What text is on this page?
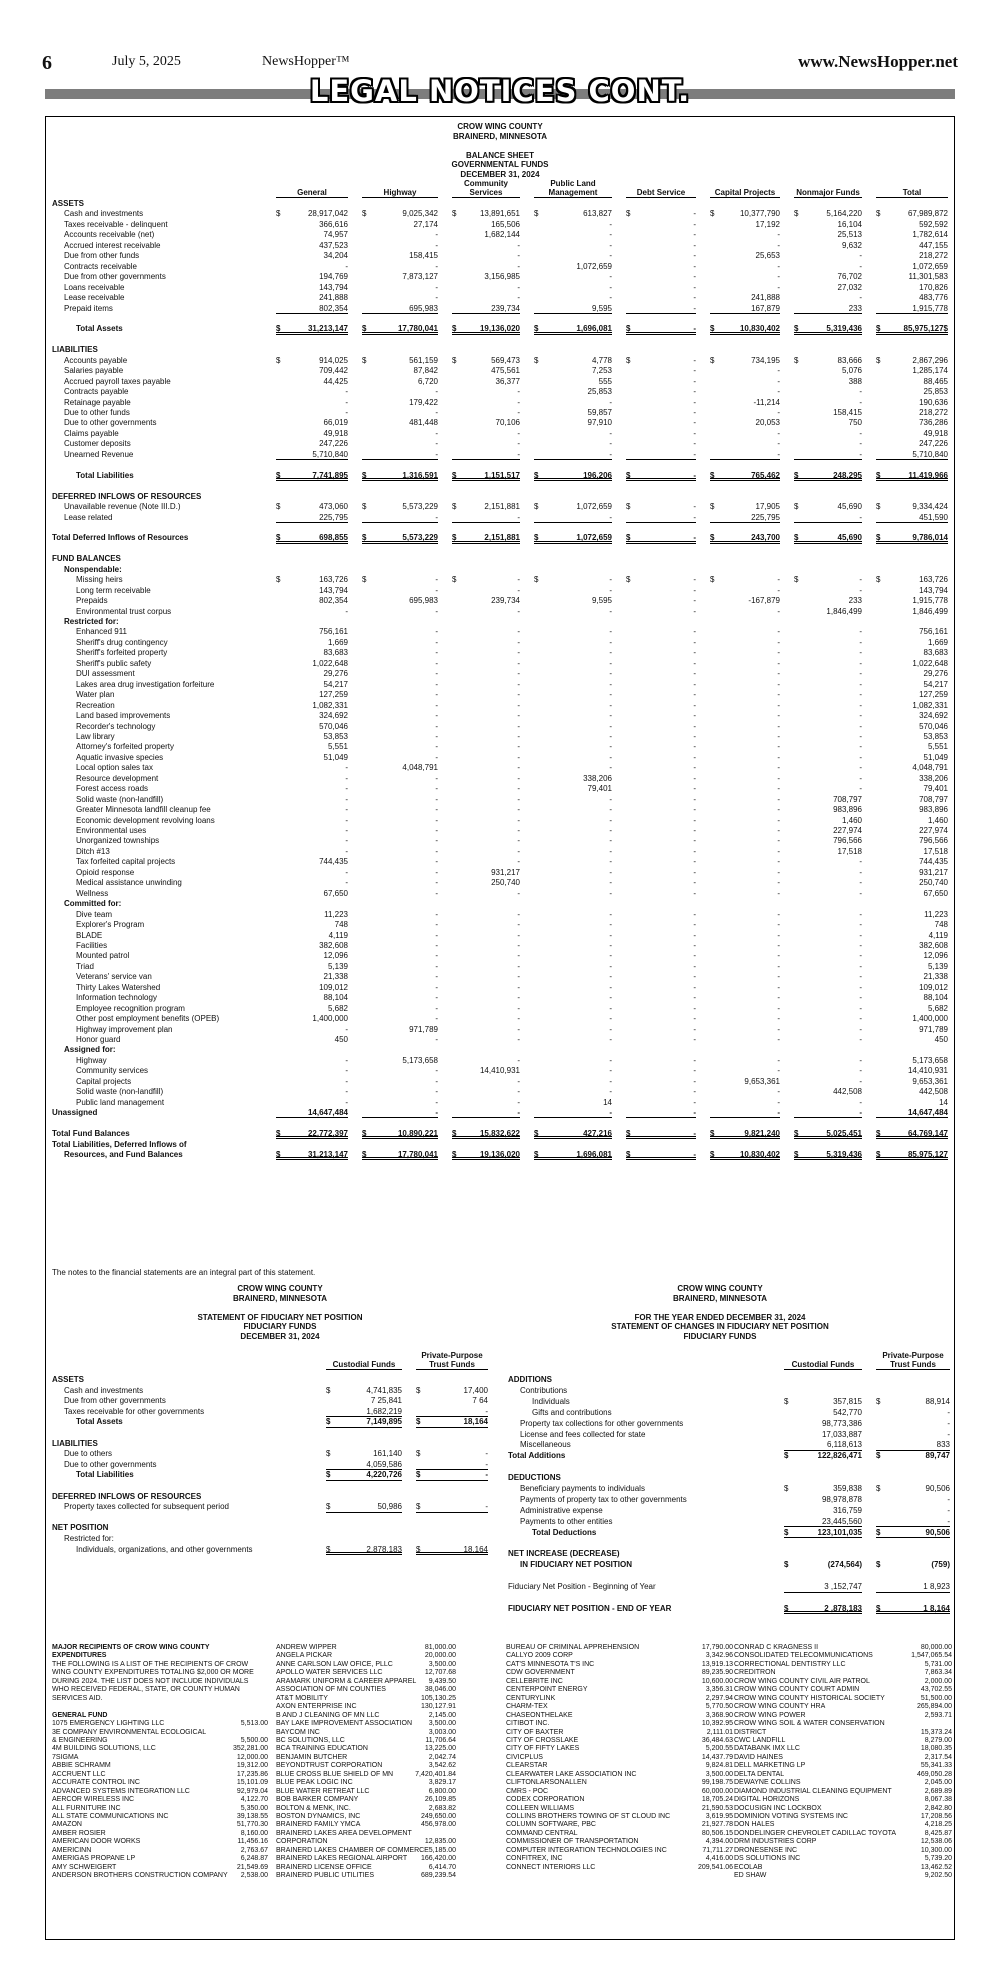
6	July 5, 2025	NewsHopper™	www.NewsHopper.net
LEGAL NOTICES CONT.
CROW WING COUNTY
BRAINERD, MINNESOTA

BALANCE SHEET
GOVERNMENTAL FUNDS
DECEMBER 31, 2024
General	Highway
Community Services
Public Land Management	Debt Service	Capital Projects	Nonmajor Funds	Total
ASSETS
Cash and investments	$	28,917,042 $	9,025,342 $	13,891,651 $	613,827 $	- $	10,377,790 $	5,164,220 $	67,989,872
Taxes receivable - delinquent	366,616	27,174	165,506	-	-	17,192	16,104	592,592
Accounts receivable (net)	74,957	-	1,682,144	-	-	-	25,513	1,782,614
Accrued interest receivable	437,523	-	-	-	-	-	9,632	447,155
Due from other funds	34,204	158,415	-	-	-	25,653	-	218,272
Contracts receivable	-	-	-	1,072,659	-	-	-	1,072,659
Due from other governments	194,769	7,873,127	3,156,985	-	-	-	76,702	11,301,583
Loans receivable	143,794	-	-	-	-	-	27,032	170,826
Lease receivable	241,888	-	-	-	-	241,888	-	483,776
Prepaid items	802,354	695,983	239,734	9,595	-	167,879	233	1,915,778
Total Assets	$	31,213,147 $	17,780,041 $	19,136,020 $	1,696,081 $	- $	10,830,402 $	5,319,436 $	85,975,127$
LIABILITIES
Accounts payable	$	914,025 $	561,159 $	569,473 $	4,778 $	- $	734,195 $	83,666 $	2,867,296
Salaries payable	709,442	87,842	475,561	7,253	-	-	5,076	1,285,174
Accrued payroll taxes payable	44,425	6,720	36,377	555	-	-	388	88,465
Contracts payable	-	-	-	25,853	-	-	-	25,853
Retainage payable	-	179,422	-	-	-	-11,214	-	190,636
Due to other funds	-	-	-	59,857	-	-	158,415	218,272
Due to other governments	66,019	481,448	70,106	97,910	-	20,053	750	736,286
Claims payable	49,918	-	-	-	-	-	-	49,918
Customer deposits	247,226	-	-	-	-	-	-	247,226
Unearned Revenue	5,710,840	-	-	-	-	-	-	5,710,840
Total Liabilities	$	7,741,895 $	1,316,591 $	1,151,517 $	196,206 $	- $	765,462 $	248,295 $	11,419,966
DEFERRED INFLOWS OF RESOURCES
Unavailable revenue (Note III.D.)	$	473,060 $	5,573,229 $	2,151,881 $	1,072,659 $	- $	17,905 $	45,690 $	9,334,424
Lease related	225,795	-	-	-	-	225,795	-	451,590
Total Deferred Inflows of Resources	$	698,855 $	5,573,229 $	2,151,881 $	1,072,659 $	- $	243,700 $	45,690 $	9,786,014
FUND BALANCES
Nonspendable:
Missing heirs	$	163,726 $	- $	- $	- $	- $	- $	- $	163,726
Long term receivable	143,794	-	-	-	-	-	-	143,794
Prepaids	802,354	695,983	239,734	9,595	-	-167,879	233	1,915,778
Environmental trust corpus	-	-	-	-	-	-	1,846,499	1,846,499
Restricted for:
Enhanced 911	756,161	-	-	-	-	-	-	756,161
Sheriff's drug contingency	1,669	-	-	-	-	-	-	1,669
Sheriff's forfeited property	83,683	-	-	-	-	-	-	83,683
Sheriff's public safety	1,022,648	-	-	-	-	-	-	1,022,648
DUI assessment	29,276	-	-	-	-	-	-	29,276
Lakes area drug investigation forfeiture	54,217	-	-	-	-	-	-	54,217
Water plan	127,259	-	-	-	-	-	-	127,259
Recreation	1,082,331	-	-	-	-	-	-	1,082,331
Land based improvements	324,692	-	-	-	-	-	-	324,692
Recorder's technology	570,046	-	-	-	-	-	-	570,046
Law library	53,853	-	-	-	-	-	-	53,853
Attorney's forfeited property	5,551	-	-	-	-	-	-	5,551
Aquatic invasive species	51,049	-	-	-	-	-	-	51,049
Local option sales tax	-	4,048,791	-	-	-	-	-	4,048,791
Resource development	-	-	-	338,206	-	-	-	338,206
Forest access roads	-	-	-	79,401	-	-	-	79,401
Solid waste (non-landfill)	-	-	-	-	-	-	708,797	708,797
Greater Minnesota landfill cleanup fee	-	-	-	-	-	-	983,896	983,896
Economic development revolving loans	-	-	-	-	-	-	1,460	1,460
Environmental uses	-	-	-	-	-	-	227,974	227,974
Unorganized townships	-	-	-	-	-	-	796,566	796,566
Ditch #13	-	-	-	-	-	-	17,518	17,518
Tax forfeited capital projects	744,435	-	-	-	-	-	-	744,435
Opioid response	-	-	931,217	-	-	-	-	931,217
Medical assistance unwinding	-	-	250,740	-	-	-	-	250,740
Wellness	67,650	-	-	-	-	-	-	67,650
Committed for:
Dive team	11,223	-	-	-	-	-	-	11,223
Explorer's Program	748	-	-	-	-	-	-	748
BLADE	4,119	-	-	-	-	-	-	4,119
Facilities	382,608	-	-	-	-	-	-	382,608
Mounted patrol	12,096	-	-	-	-	-	-	12,096
Triad	5,139	-	-	-	-	-	-	5,139
Veterans' service van	21,338	-	-	-	-	-	-	21,338
Thirty Lakes Watershed	109,012	-	-	-	-	-	-	109,012
Information technology	88,104	-	-	-	-	-	-	88,104
Employee recognition program	5,682	-	-	-	-	-	-	5,682
Other post employment benefits (OPEB)	1,400,000	-	-	-	-	-	-	1,400,000
Highway improvement plan	-	971,789	-	-	-	-	-	971,789
Honor guard	450	-	-	-	-	-	-	450
Assigned for:
Highway	-	5,173,658	-	-	-	-	-	5,173,658
Community services	-	-	14,410,931	-	-	-	-	14,410,931
Capital projects	-	-	-	-	-	9,653,361	-	9,653,361
Solid waste (non-landfill)	-	-	-	-	-	-	442,508	442,508
Public land management	-	-	-	14	-	-	-	14
Unassigned	14,647,484	-	-	-	-	-	-	14,647,484
Total Fund Balances	$	22,772,397 $	10,890,221 $	15,832,622 $	427,216 $	- $	9,821,240 $	5,025,451 $	64,769,147
Total Liabilities, Deferred Inflows of
Resources, and Fund Balances	$	31,213,147 $	17,780,041 $	19,136,020 $	1,696,081 $	- $	10,830,402 $	5,319,436 $	85,975,127
The notes to the financial statements are an integral part of this statement.
CROW WING COUNTY
BRAINERD, MINNESOTA

STATEMENT OF FIDUCIARY NET POSITION
FIDUCIARY FUNDS
DECEMBER 31, 2024
Custodial Funds
Private-Purpose Trust Funds
ASSETS
Cash and investments	$	4,741,835 $	17,400
Due from other governments	7 25,841	7 64
Taxes receivable for other governments	1,682,219	-
Total Assets	$	7,149,895 $	18,164
LIABILITIES
Due to others	$	161,140 $	-
Due to other governments	4,059,586	-
Total Liabilities	$	4,220,726 $	-
DEFERRED INFLOWS OF RESOURCES
Property taxes collected for subsequent period	$	50,986 $	-
NET POSITION
Restricted for:
Individuals, organizations, and other governments	$	2,878,183 $	18,164
CROW WING COUNTY
BRAINERD, MINNESOTA

FOR THE YEAR ENDED DECEMBER 31, 2024
STATEMENT OF CHANGES IN FIDUCIARY NET POSITION
FIDUCIARY FUNDS
Custodial Funds
Private-Purpose Trust Funds
ADDITIONS
Contributions
Individuals	$	357,815 $	88,914
Gifts and contributions	542,770	-
Property tax collections for other governments	98,773,386	-
License and fees collected for state	17,033,887	-
Miscellaneous	6,118,613	833
Total Additions	$	122,826,471 $	89,747
DEDUCTIONS
Beneficiary payments to individuals	$	359,838 $	90,506
Payments of property tax to other governments	98,978,878	-
Administrative expense	316,759	-
Payments to other entities	23,445,560	-
Total Deductions	$	123,101,035 $	90,506
NET INCREASE (DECREASE)
IN FIDUCIARY NET POSITION	$	(274,564) $	(759)
Fiduciary Net Position - Beginning of Year	3 ,152,747	1 8,923
FIDUCIARY NET POSITION - END OF YEAR	$	2 ,878,183 $	1 8,164
MAJOR RECIPIENTS OF CROW WING COUNTY
EXPENDITURES
THE FOLLOWING IS A LIST OF THE RECIPIENTS OF CROW
WING COUNTY EXPENDITURES TOTALING $2,000 OR MORE
DURING 2024. THE LIST DOES NOT INCLUDE INDIVIDUALS
WHO RECEIVED FEDERAL, STATE, OR COUNTY HUMAN
SERVICES AID.
GENERAL FUND
1075 EMERGENCY LIGHTING LLC	5,513.00
3E COMPANY ENVIRONMENTAL ECOLOGICAL
& ENGINEERING	5,500.00
4M BUILDING SOLUTIONS, LLC	352,281.00
7SIGMA	12,000.00
ABBIE SCHRAMM	19,312.00
ACCRUENT LLC	17,235.86
ACCURATE CONTROL INC	15,101.09
ADVANCED SYSTEMS INTEGRATION LLC	92,979.04
AERCOR WIRELESS INC	4,122.70
ALL FURNITURE INC	5,350.00
ALL STATE COMMUNICATIONS INC	39,138.55
AMAZON	51,770.30
AMBER ROSIER	8,160.00
AMERICAN DOOR WORKS	11,456.16
AMERICINN	2,763.67
AMERIGAS PROPANE LP	6,248.87
AMY SCHWEIGERT	21,549.69
ANDERSON BROTHERS CONSTRUCTION COMPANY 2,538.00
ANDREW WIPPER	81,000.00
ANGELA PICKAR	20,000.00
ANNE CARLSON LAW OFICE, PLLC	3,500.00
APOLLO WATER SERVICES LLC	12,707.68
ARAMARK UNIFORM & CAREER APPAREL 9,439.50
ASSOCIATION OF MN COUNTIES	38,046.00
AT&T MOBILITY	105,130.25
AXON ENTERPRISE INC	130,127.91
B AND J CLEANING OF MN LLC	2,145.00
BAY LAKE IMPROVEMENT ASSOCIATION 3,500.00
BAYCOM INC	3,003.00
BC SOLUTIONS, LLC	11,706.64
BCA TRAINING EDUCATION	13,225.00
BENJAMIN BUTCHER	2,042.74
BEYONDTRUST CORPORATION	3,542.62
BLUE CROSS BLUE SHIELD OF MN	7,420,401.84
BLUE PEAK LOGIC INC	3,829.17
BLUE WATER RETREAT LLC	6,800.00
BOB BARKER COMPANY	26,109.85
BOLTON & MENK, INC.	2,683.82
BOSTON DYNAMICS, INC	249,650.00
BRAINERD FAMILY YMCA	456,978.00
BRAINERD LAKES AREA DEVELOPMENT
CORPORATION	12,835.00
BRAINERD LAKES CHAMBER OF COMMERCE 5,185.00
BRAINERD LAKES REGIONAL AIRPORT 166,420.00
BRAINERD LICENSE OFFICE	6,414.70
BRAINERD PUBLIC UTILITIES	689,239.54
BUREAU OF CRIMINAL APPREHENSION	17,790.00
CALLYO 2009 CORP	3,342.96
CAT'S MINNESOTA T'S INC	13,919.13
CDW GOVERNMENT	89,235.90
CELLEBRITE INC	10,600.00
CENTERPOINT ENERGY	3,356.31
CENTURYLINK	2,297.94
CHARM-TEX	5,770.50
CHASEONTHELAKE	3,368.90
CITIBOT INC.	10,392.95
CITY OF BAXTER	2,111.01
CITY OF CROSSLAKE	36,484.63
CITY OF FIFTY LAKES	5,200.55
CIVICPLUS	14,437.79
CLEARSTAR	9,824.81
CLEARWATER LAKE ASSOCIATION INC	3,500.00
CLIFTONLARSONALLEN	99,198.75
CMRS - POC	60,000.00
CODEX CORPORATION	18,705.24
COLLEEN WILLIAMS	21,590.53
COLLINS BROTHERS TOWING OF ST CLOUD INC	3,619.95
COLUMN SOFTWARE, PBC	21,927.78
COMMAND CENTRAL	80,506.15
COMMISSIONER OF TRANSPORTATION	4,394.00
COMPUTER INTEGRATION TECHNOLOGIES INC	71,711.27
CONFITREX, INC	4,416.00
CONNECT INTERIORS LLC	209,541.06
CONRAD C KRAGNESS II	80,000.00
CONSOLIDATED TELECOMMUNICATIONS	1,547,065.54
CORRECTIONAL DENTISTRY LLC	5,731.00
CREDITRON	7,863.34
CROW WING COUNTY CIVIL AIR PATROL	2,000.00
CROW WING COUNTY COURT ADMIN	43,702.55
CROW WING COUNTY HISTORICAL SOCIETY	51,500.00
CROW WING COUNTY HRA	265,894.00
CROW WING POWER	2,593.71
CROW WING SOIL & WATER CONSERVATION
DISTRICT	15,373.24
CWC LANDFILL	8,279.00
DATABANK IMX LLC	18,080.35
DAVID HAINES	2,317.54
DELL MARKETING LP	55,341.33
DELTA DENTAL	469,050.28
DEWAYNE COLLINS	2,045.00
DIAMOND INDUSTRIAL CLEANING EQUIPMENT	2,689.89
DIGITAL HORIZONS	8,067.38
DOCUSIGN INC LOCKBOX	2,842.80
DOMINION VOTING SYSTEMS INC	17,208.56
DON HALES	4,218.25
DONDELINGER CHEVROLET CADILLAC TOYOTA	8,425.87
DRM INDUSTRIES CORP	12,538.06
DRONESENSE INC	10,300.00
DS SOLUTIONS INC	5,739.20
ECOLAB	13,462.52
ED SHAW	9,202.50
